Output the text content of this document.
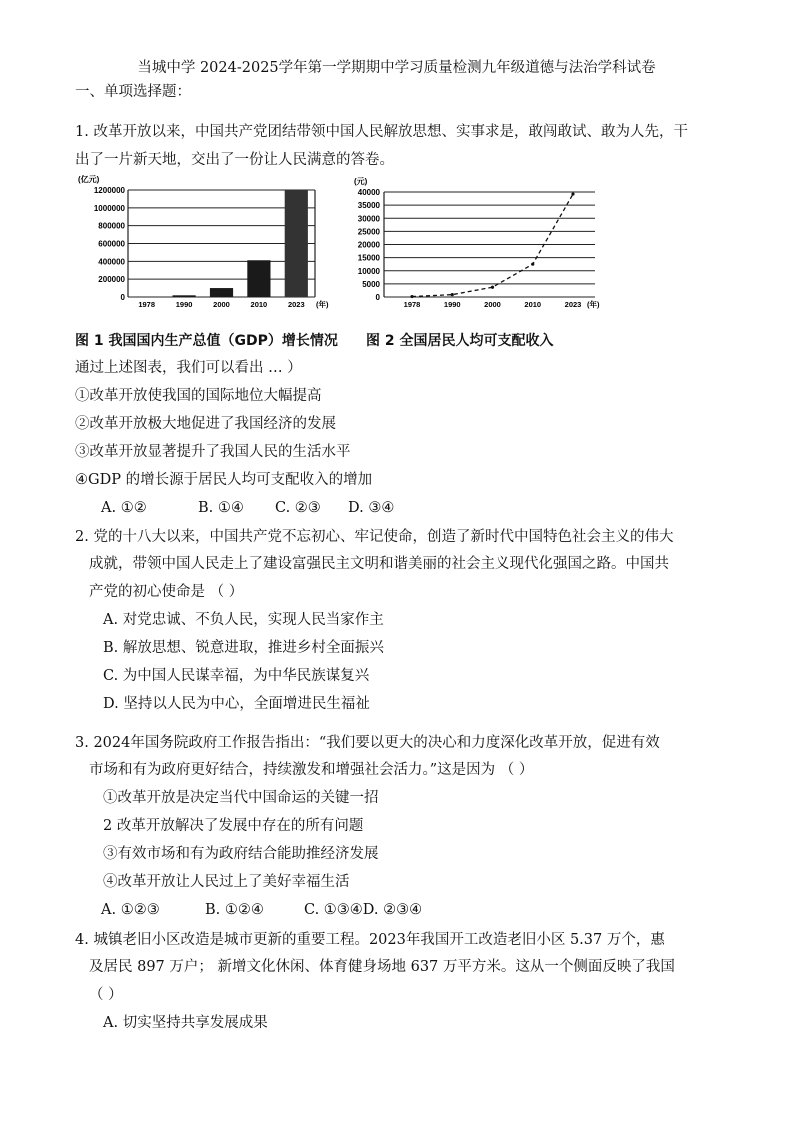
当城中学 2024-2025学年第一学期期中学习质量检测九年级道德与法治学科试卷
一、单项选择题：
1. 改革开放以来，中国共产党团结带领中国人民解放思想、实事求是，敢闯敢试、敢为人先，干
出了一片新天地，交出了一份让人民满意的答卷。
(亿元)
1200000
1000000
800000
600000
400000
200000
0
1978	1990	2000	2010	2023 (年)
(元)
40000
35000
30000
25000
20000
15000
10000
5000
0
1978	1990	2000	2010	2023 (年)
图 1 我国国内生产总值（GDP）增长情况 图 2 全国居民人均可支配收入
通过上述图表，我们可以看出 … ）
①改革开放使我国的国际地位大幅提高
②改革开放极大地促进了我国经济的发展
③改革开放显著提升了我国人民的生活水平
④GDP 的增长源于居民人均可支配收入的增加
A. ①②	B. ①④ C. ②③ D. ③④
2. 党的十八大以来，中国共产党不忘初心、牢记使命，创造了新时代中国特色社会主义的伟大
成就，带领中国人民走上了建设富强民主文明和谐美丽的社会主义现代化强国之路。中国共
产党的初心使命是 （ ）
A. 对党忠诚、不负人民，实现人民当家作主
B. 解放思想、锐意进取，推进乡村全面振兴
C. 为中国人民谋幸福，为中华民族谋复兴
D. 坚持以人民为中心，全面增进民生福祉
3. 2024年国务院政府工作报告指出：“我们要以更大的决心和力度深化改革开放，促进有效
市场和有为政府更好结合，持续激发和增强社会活力。”这是因为 （ ）
①改革开放是决定当代中国命运的关键一招
2 改革开放解决了发展中存在的所有问题
③有效市场和有为政府结合能助推经济发展
④改革开放让人民过上了美好幸福生活
A. ①②③	B. ①②④	C. ①③④D. ②③④
4. 城镇老旧小区改造是城市更新的重要工程。2023年我国开工改造老旧小区 5.37 万个，惠
及居民 897 万户； 新增文化休闲、体育健身场地 637 万平方米。这从一个侧面反映了我国
（ ）
A. 切实坚持共享发展成果
